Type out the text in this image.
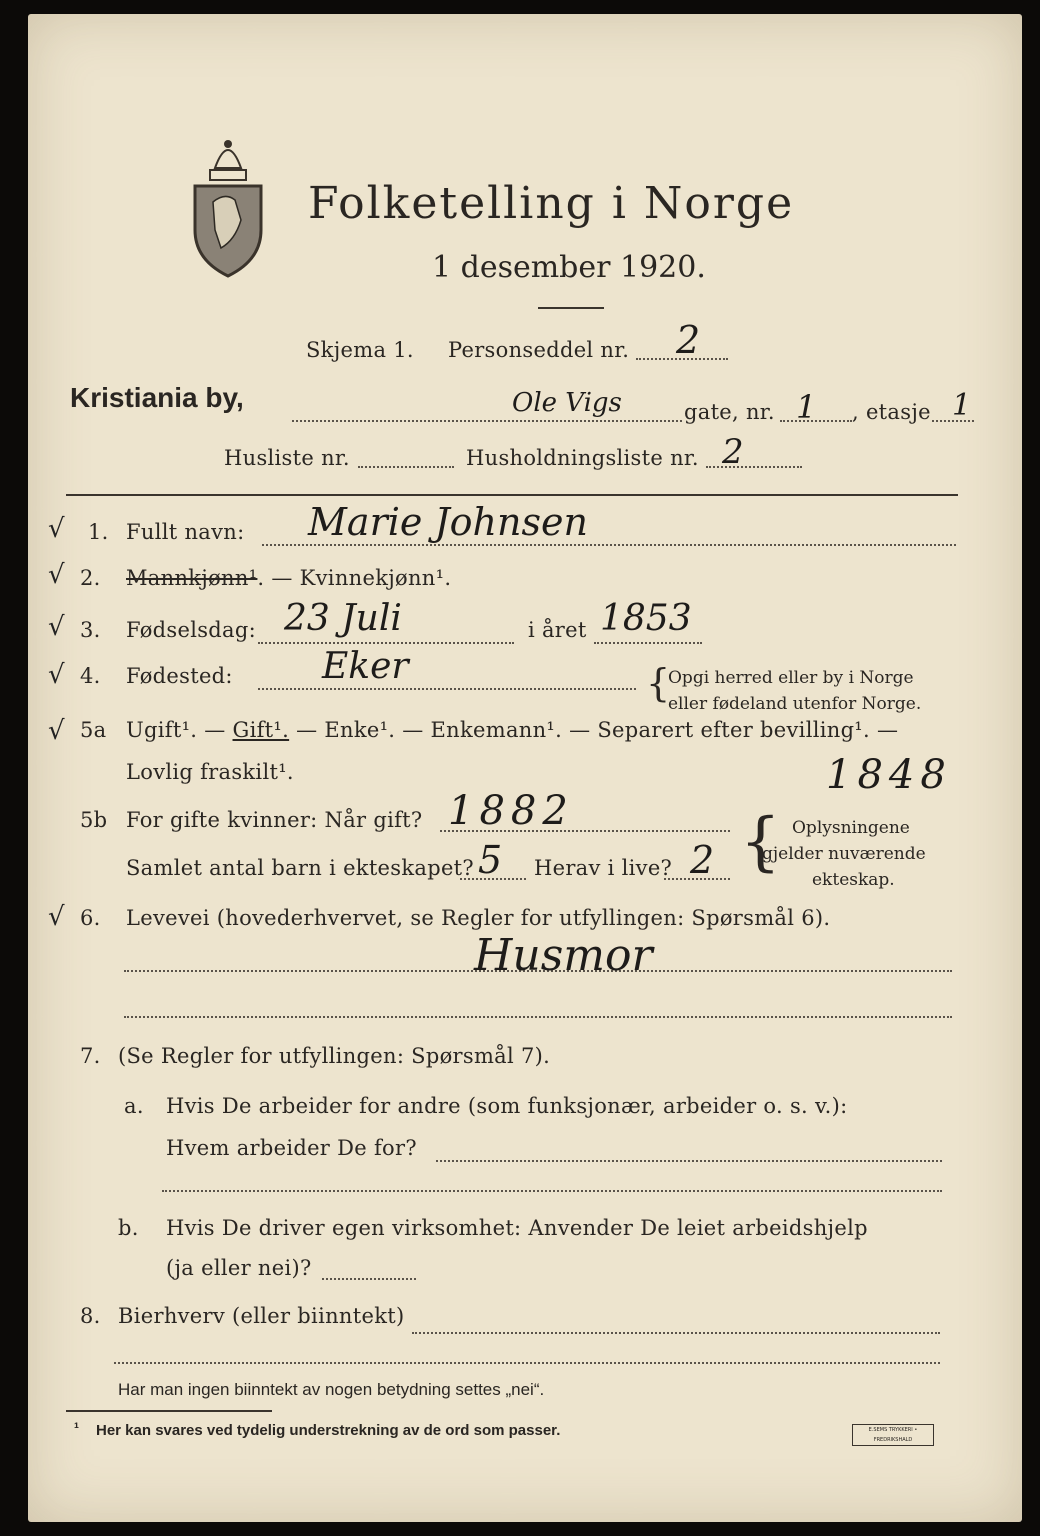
Folketelling i Norge
1 desember 1920.
Skjema 1. Personseddel nr. 2
Kristiania by,	Ole Vigs	gate, nr. 1 , etasje 1
Husliste nr.	Husholdningsliste nr. 2
√ 1. Fullt navn: Marie Johnsen
√ 2. Mannkjønn¹. — Kvinnekjønn¹.
√ 3. Fødselsdag: 23 Juli	i året 1853
√ 4. Fødested: Eker	{
Opgi herred eller by i Norge
eller fødeland utenfor Norge.
√ 5a Ugift¹. — Gift¹. — Enke¹. — Enkemann¹. — Separert efter bevilling¹. —
Lovlig fraskilt¹.	1848
5b For gifte kvinner: Når gift? 1882
Samlet antal barn i ekteskapet? 5 Herav i live? 2 { Oplysningene
gjelder nuværende
ekteskap.
√ 6. Levevei (hovederhvervet, se Regler for utfyllingen: Spørsmål 6).
Husmor
7. (Se Regler for utfyllingen: Spørsmål 7).
a. Hvis De arbeider for andre (som funksjonær, arbeider o. s. v.):
Hvem arbeider De for?
b. Hvis De driver egen virksomhet: Anvender De leiet arbeidshjelp
(ja eller nei)?
8. Bierhverv (eller biinntekt)
Har man ingen biinntekt av nogen betydning settes „nei“.
¹ Her kan svares ved tydelig understrekning av de ord som passer.	E.SEMS TRYKKERI • FREDRIKSHALD
